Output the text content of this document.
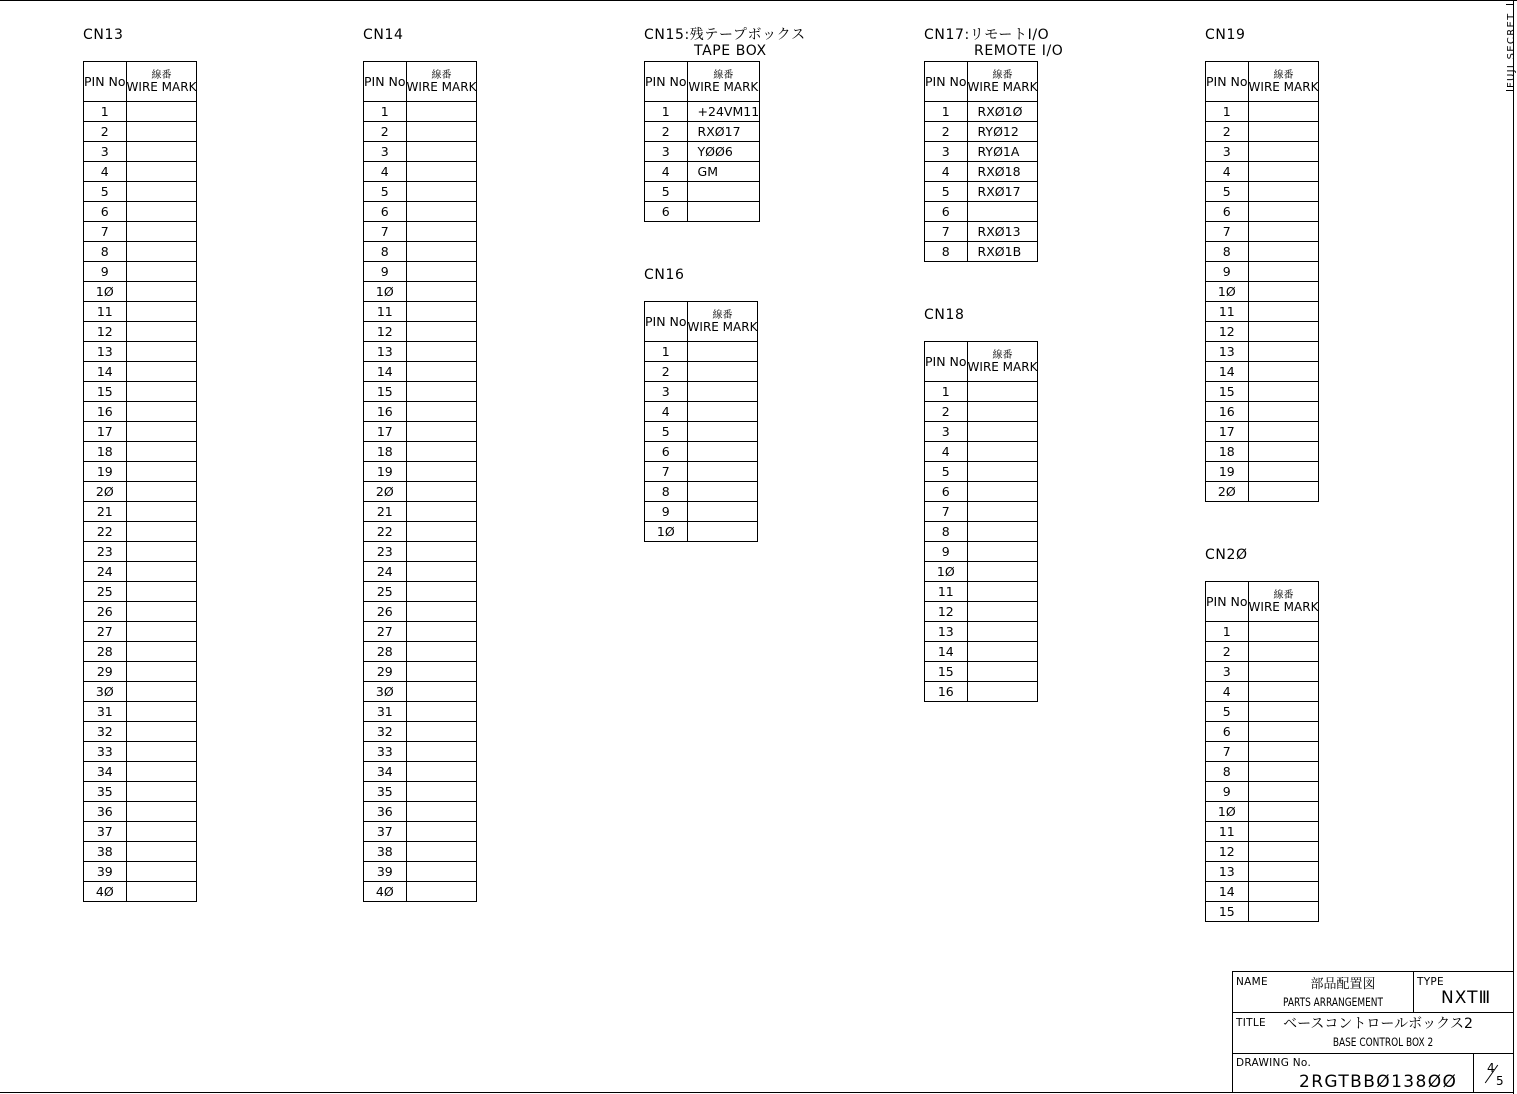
FUJI SECRET
CN13
PIN No	線番
WIRE MARK
1	
2	
3	
4	
5	
6	
7	
8	
9	
1Ø	
11	
12	
13	
14	
15	
16	
17	
18	
19	
2Ø	
21	
22	
23	
24	
25	
26	
27	
28	
29	
3Ø	
31	
32	
33	
34	
35	
36	
37	
38	
39	
4Ø	
CN14
PIN No	線番
WIRE MARK
1	
2	
3	
4	
5	
6	
7	
8	
9	
1Ø	
11	
12	
13	
14	
15	
16	
17	
18	
19	
2Ø	
21	
22	
23	
24	
25	
26	
27	
28	
29	
3Ø	
31	
32	
33	
34	
35	
36	
37	
38	
39	
4Ø	
CN15:残テープボックス
TAPE BOX
PIN No	線番
WIRE MARK
1	+24VM11
2	RXØ17
3	YØØ6
4	GM
5	
6	
CN16
PIN No	線番
WIRE MARK
1	
2	
3	
4	
5	
6	
7	
8	
9	
1Ø	
CN17:リモートI/O
REMOTE I/O
PIN No	線番
WIRE MARK
1	RXØ1Ø
2	RYØ12
3	RYØ1A
4	RXØ18
5	RXØ17
6	
7	RXØ13
8	RXØ1B
CN18
PIN No	線番
WIRE MARK
1	
2	
3	
4	
5	
6	
7	
8	
9	
1Ø	
11	
12	
13	
14	
15	
16	
CN19
PIN No	線番
WIRE MARK
1	
2	
3	
4	
5	
6	
7	
8	
9	
1Ø	
11	
12	
13	
14	
15	
16	
17	
18	
19	
2Ø	
CN2Ø
PIN No	線番
WIRE MARK
1	
2	
3	
4	
5	
6	
7	
8	
9	
1Ø	
11	
12	
13	
14	
15	
NAME	部品配置図
PARTS ARRANGEMENT
TYPE
NXTⅢ
TITLE	ベースコントロールボックス2
BASE CONTROL BOX 2
DRAWING No.
2RGTBBØ138ØØ
4
5
